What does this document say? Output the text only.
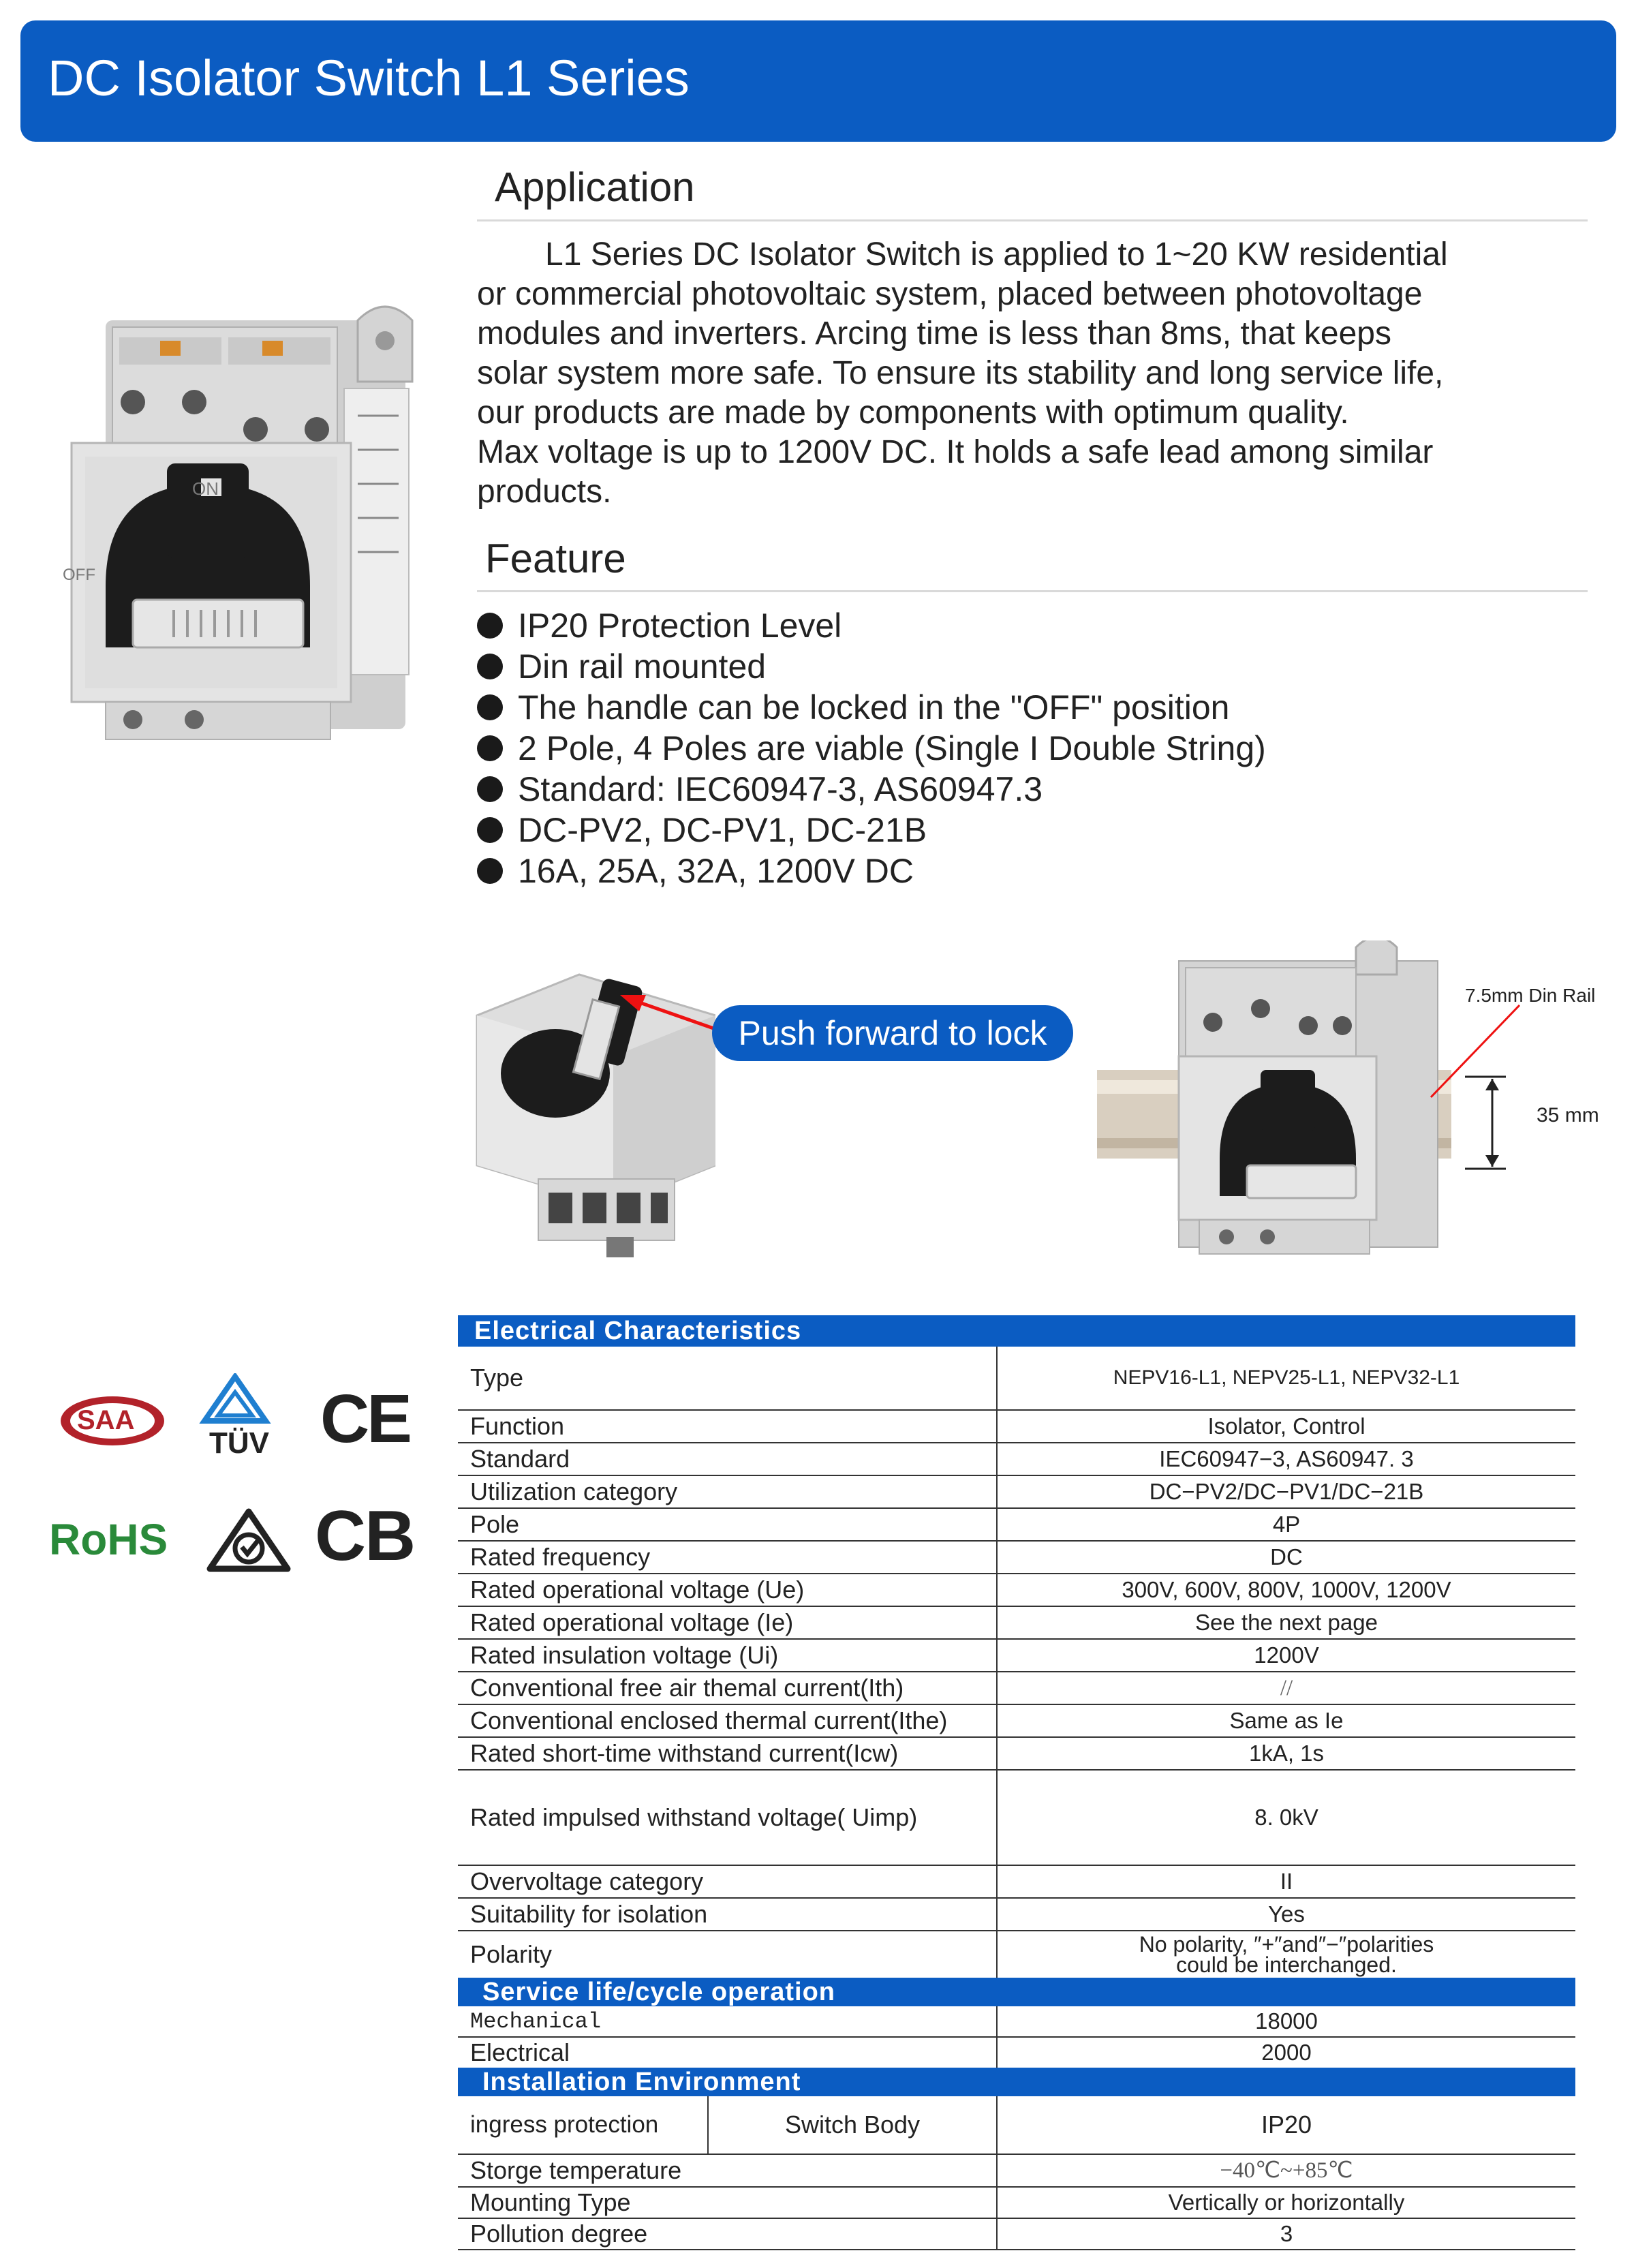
DC Isolator Switch L1 Series
ON
OFF
Application
L1 Series DC Isolator Switch is applied to 1~20 KW residential
or commercial photovoltaic system, placed between photovoltage
modules and inverters. Arcing time is less than 8ms, that keeps
solar system more safe. To ensure its stability and long service life,
our products are made by components with optimum quality.
Max voltage is up to 1200V DC. It holds a safe lead among similar
products.
Feature
IP20 Protection Level
Din rail mounted
The handle can be locked in the "OFF" position
2 Pole, 4 Poles are viable (Single I Double String)
Standard: IEC60947-3, AS60947.3
DC-PV2, DC-PV1, DC-21B
16A, 25A, 32A, 1200V DC
Push forward to lock
7.5mm Din Rail
35 mm
SAA
TÜV CE
RoHS CB
Electrical Characteristics
Type	NEPV16-L1, NEPV25-L1, NEPV32-L1
Function	Isolator, Control
Standard	IEC60947−3, AS60947. 3
Utilization category	DC−PV2/DC−PV1/DC−21B
Pole	4P
Rated frequency	DC
Rated operational voltage (Ue)	300V, 600V, 800V, 1000V, 1200V
Rated operational voltage (Ie)	See the next page
Rated insulation voltage (Ui)	1200V
Conventional free air themal current(Ith)	//
Conventional enclosed thermal current(Ithe)	Same as Ie
Rated short-time withstand current(Icw)	1kA, 1s
Rated impulsed withstand voltage( Uimp)	8. 0kV
Overvoltage category	II
Suitability for isolation	Yes
Polarity	No polarity, ″+″and″−″polarities
could be interchanged.
Service life/cycle operation
Mechanical	18000
Electrical	2000
Installation Environment
ingress protection	Switch Body	IP20
Storge temperature	−40℃~+85℃
Mounting Type	Vertically or horizontally
Pollution degree	3
